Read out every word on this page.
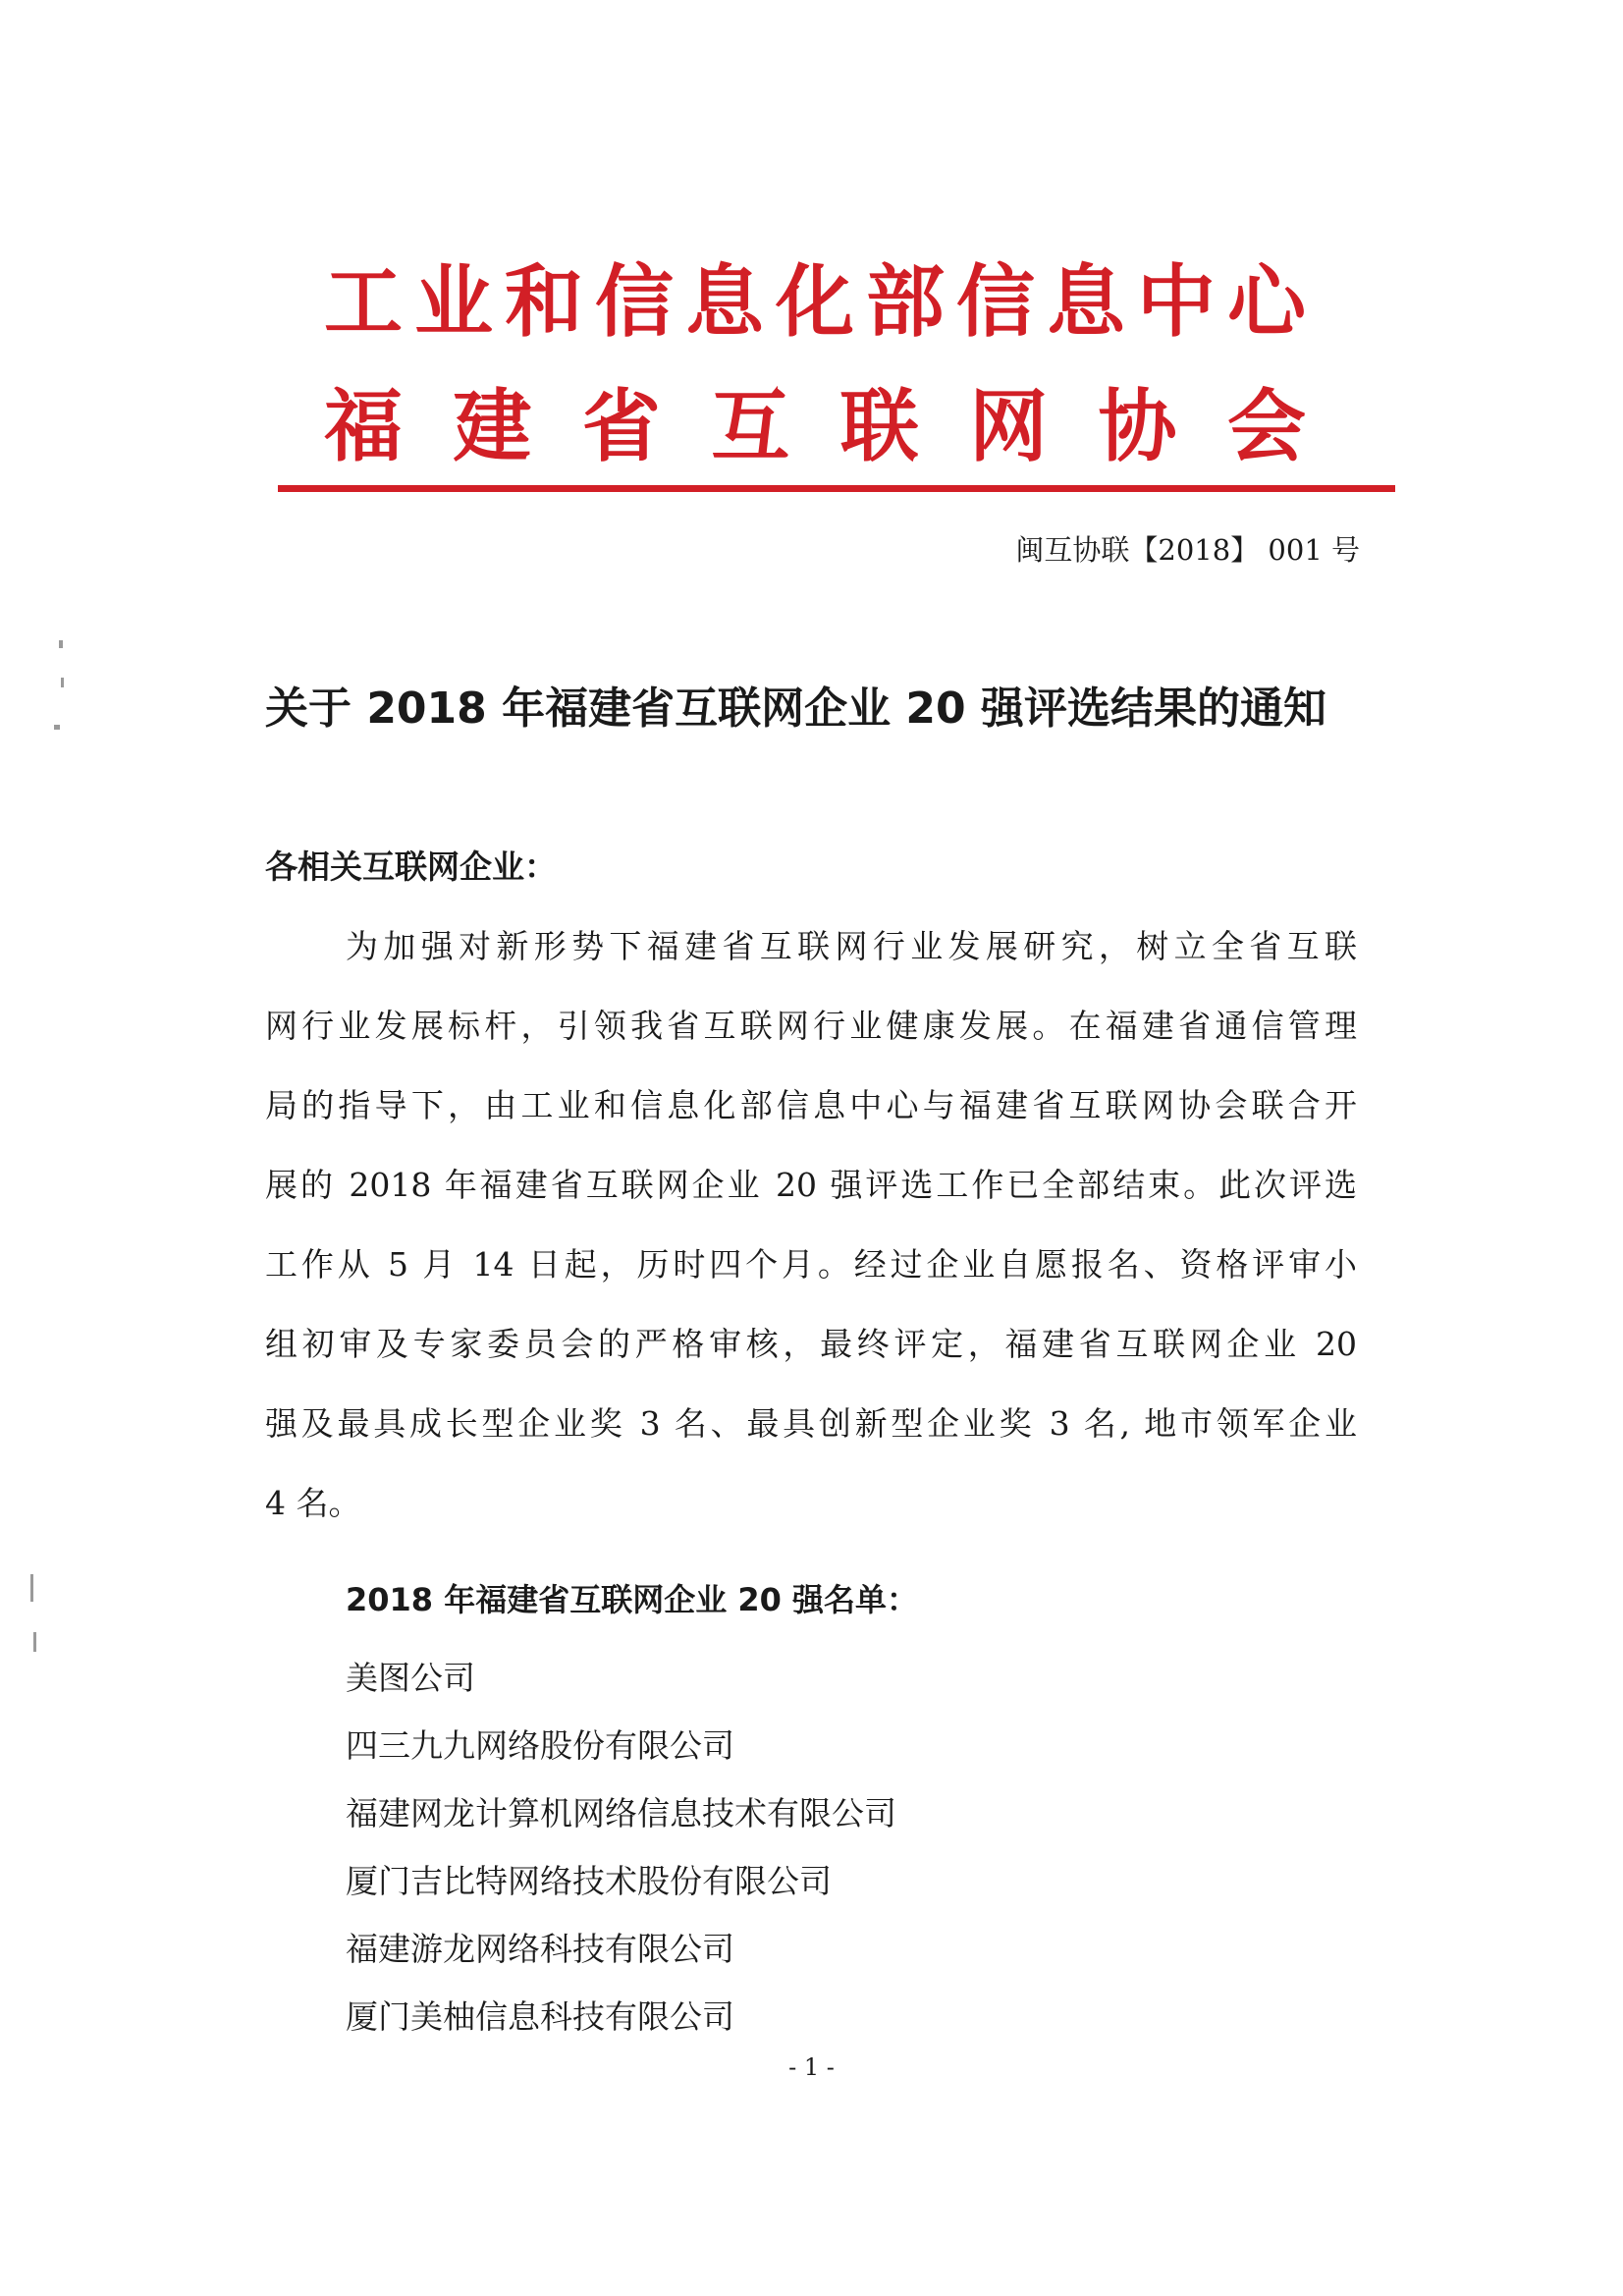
工 业 和 信 息 化 部 信 息 中 心
福 建 省 互 联 网 协 会
闽互协联【2018】 001 号
关于 2018 年福建省互联网企业 20 强评选结果的通知
各相关互联网企业：
为加强对新形势下福建省互联网行业发展研究，树立全省互联
网行业发展标杆，引领我省互联网行业健康发展。在福建省通信管理
局的指导下，由工业和信息化部信息中心与福建省互联网协会联合开
展的 2018 年福建省互联网企业 20 强评选工作已全部结束。此次评选
工作从 5 月 14 日起，历时四个月。经过企业自愿报名、资格评审小
组初审及专家委员会的严格审核，最终评定，福建省互联网企业 20
强及最具成长型企业奖 3 名、最具创新型企业奖 3 名, 地市领军企业
4 名。
2018 年福建省互联网企业 20 强名单：
美图公司
四三九九网络股份有限公司
福建网龙计算机网络信息技术有限公司
厦门吉比特网络技术股份有限公司
福建游龙网络科技有限公司
厦门美柚信息科技有限公司
- 1 -
